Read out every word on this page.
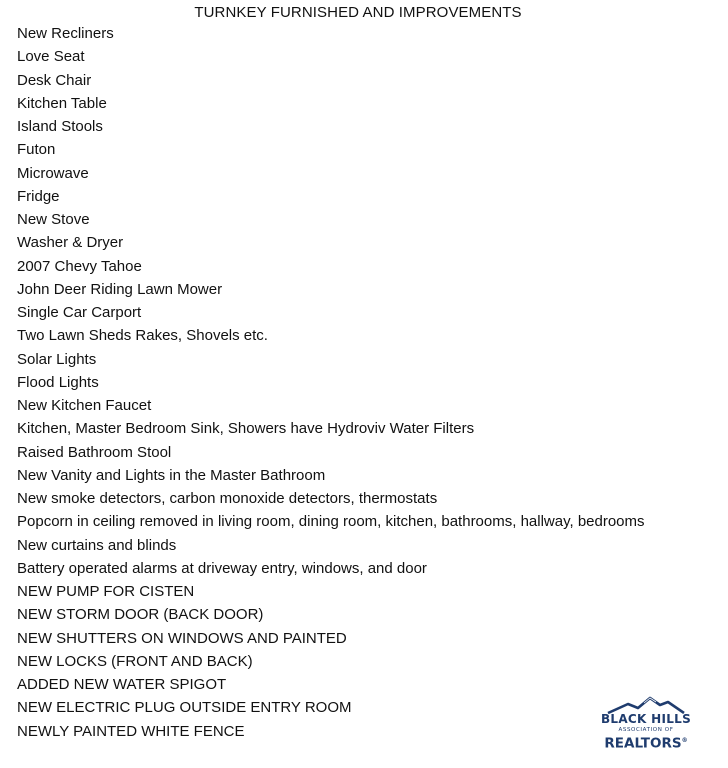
TURNKEY FURNISHED AND IMPROVEMENTS
New Recliners
Love Seat
Desk Chair
Kitchen Table
Island Stools
Futon
Microwave
Fridge
New Stove
Washer & Dryer
2007 Chevy Tahoe
John Deer Riding Lawn Mower
Single Car Carport
Two Lawn Sheds Rakes, Shovels etc.
Solar Lights
Flood Lights
New Kitchen Faucet
Kitchen, Master Bedroom Sink, Showers have Hydroviv Water Filters
Raised Bathroom Stool
New Vanity and Lights in the Master Bathroom
New smoke detectors, carbon monoxide detectors, thermostats
Popcorn in ceiling removed in living room, dining room, kitchen, bathrooms, hallway, bedrooms
New curtains and blinds
Battery operated alarms at driveway entry, windows, and door
NEW PUMP FOR CISTEN
NEW STORM DOOR (BACK DOOR)
NEW SHUTTERS ON WINDOWS AND PAINTED
NEW LOCKS (FRONT AND BACK)
ADDED NEW WATER SPIGOT
NEW ELECTRIC PLUG OUTSIDE ENTRY ROOM
NEWLY PAINTED WHITE FENCE
BLACK HILLS
ASSOCIATION OF
REALTORS®
